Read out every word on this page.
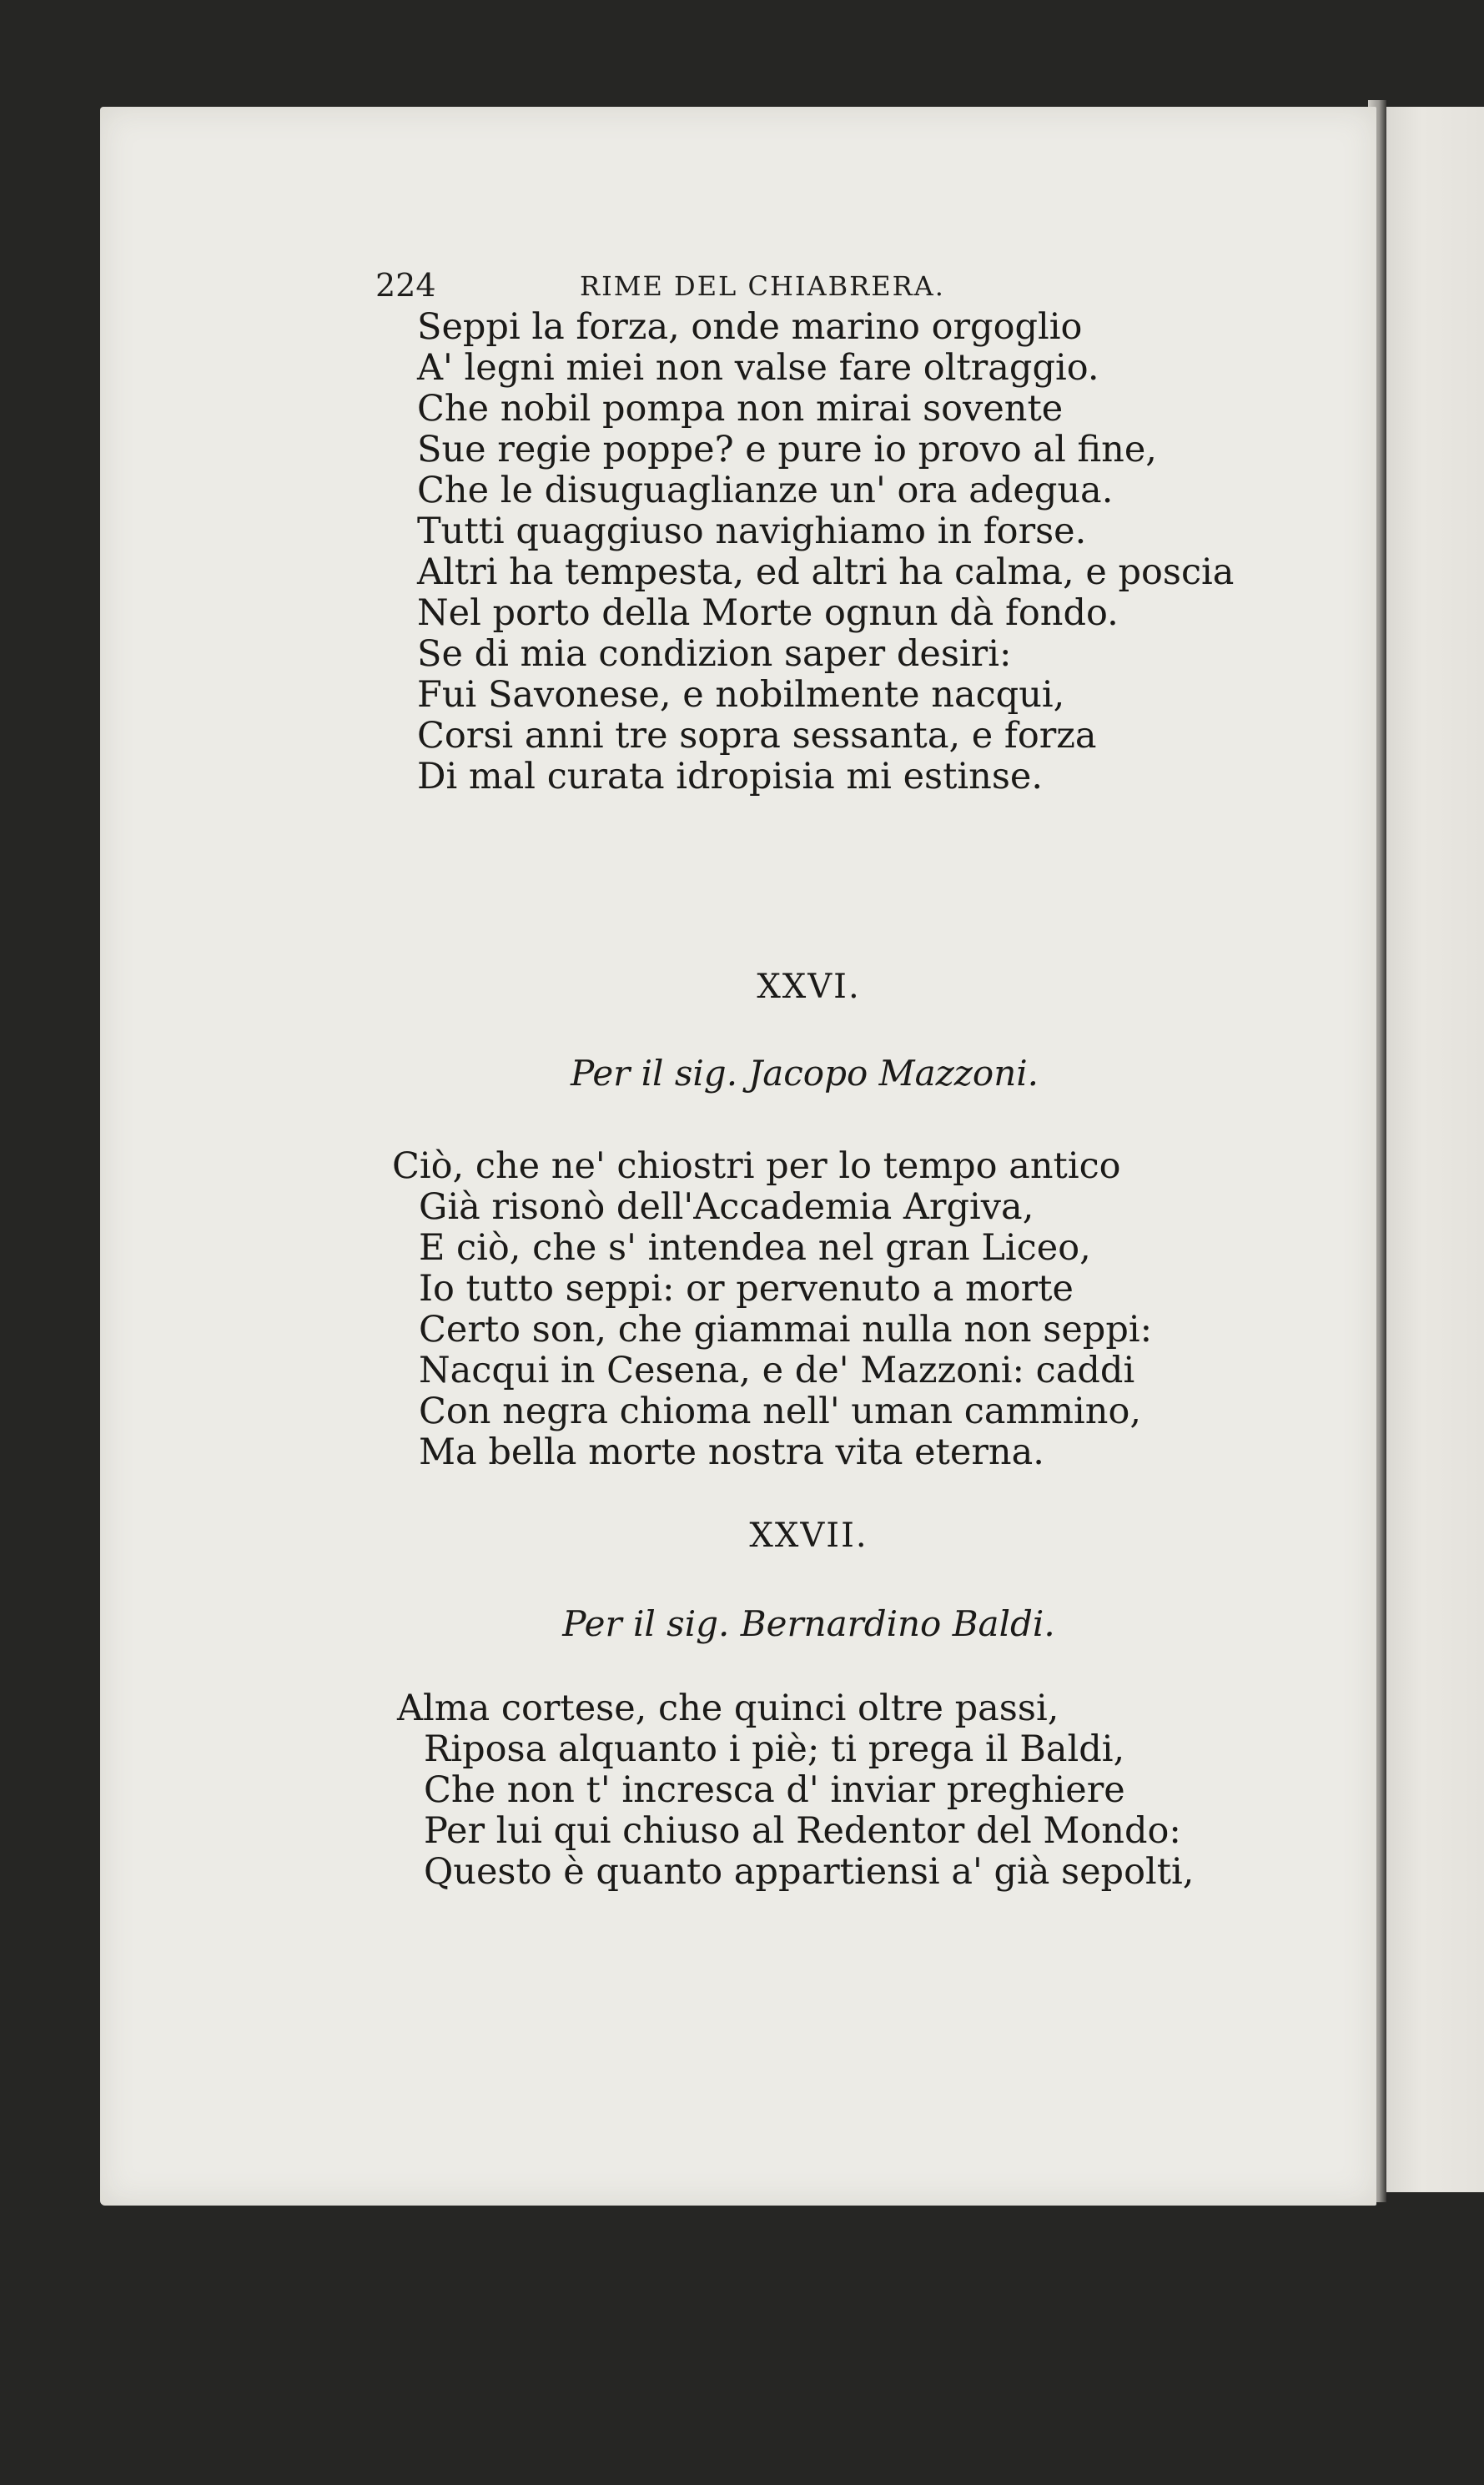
224	RIME DEL CHIABRERA.
Seppi la forza, onde marino orgoglio
A' legni miei non valse fare oltraggio.
Che nobil pompa non mirai sovente
Sue regie poppe? e pure io provo al fine,
Che le disuguaglianze un' ora adegua.
Tutti quaggiuso navighiamo in forse.
Altri ha tempesta, ed altri ha calma, e poscia
Nel porto della Morte ognun dà fondo.
Se di mia condizion saper desiri:
Fui Savonese, e nobilmente nacqui,
Corsi anni tre sopra sessanta, e forza
Di mal curata idropisia mi estinse.
XXVI.
Per il sig. Jacopo Mazzoni.
Ciò, che ne' chiostri per lo tempo antico
Già risonò dell'Accademia Argiva,
E ciò, che s' intendea nel gran Liceo,
Io tutto seppi: or pervenuto a morte
Certo son, che giammai nulla non seppi:
Nacqui in Cesena, e de' Mazzoni: caddi
Con negra chioma nell' uman cammino,
Ma bella morte nostra vita eterna.
XXVII.
Per il sig. Bernardino Baldi.
Alma cortese, che quinci oltre passi,
Riposa alquanto i piè; ti prega il Baldi,
Che non t' incresca d' inviar preghiere
Per lui qui chiuso al Redentor del Mondo:
Questo è quanto appartiensi a' già sepolti,
